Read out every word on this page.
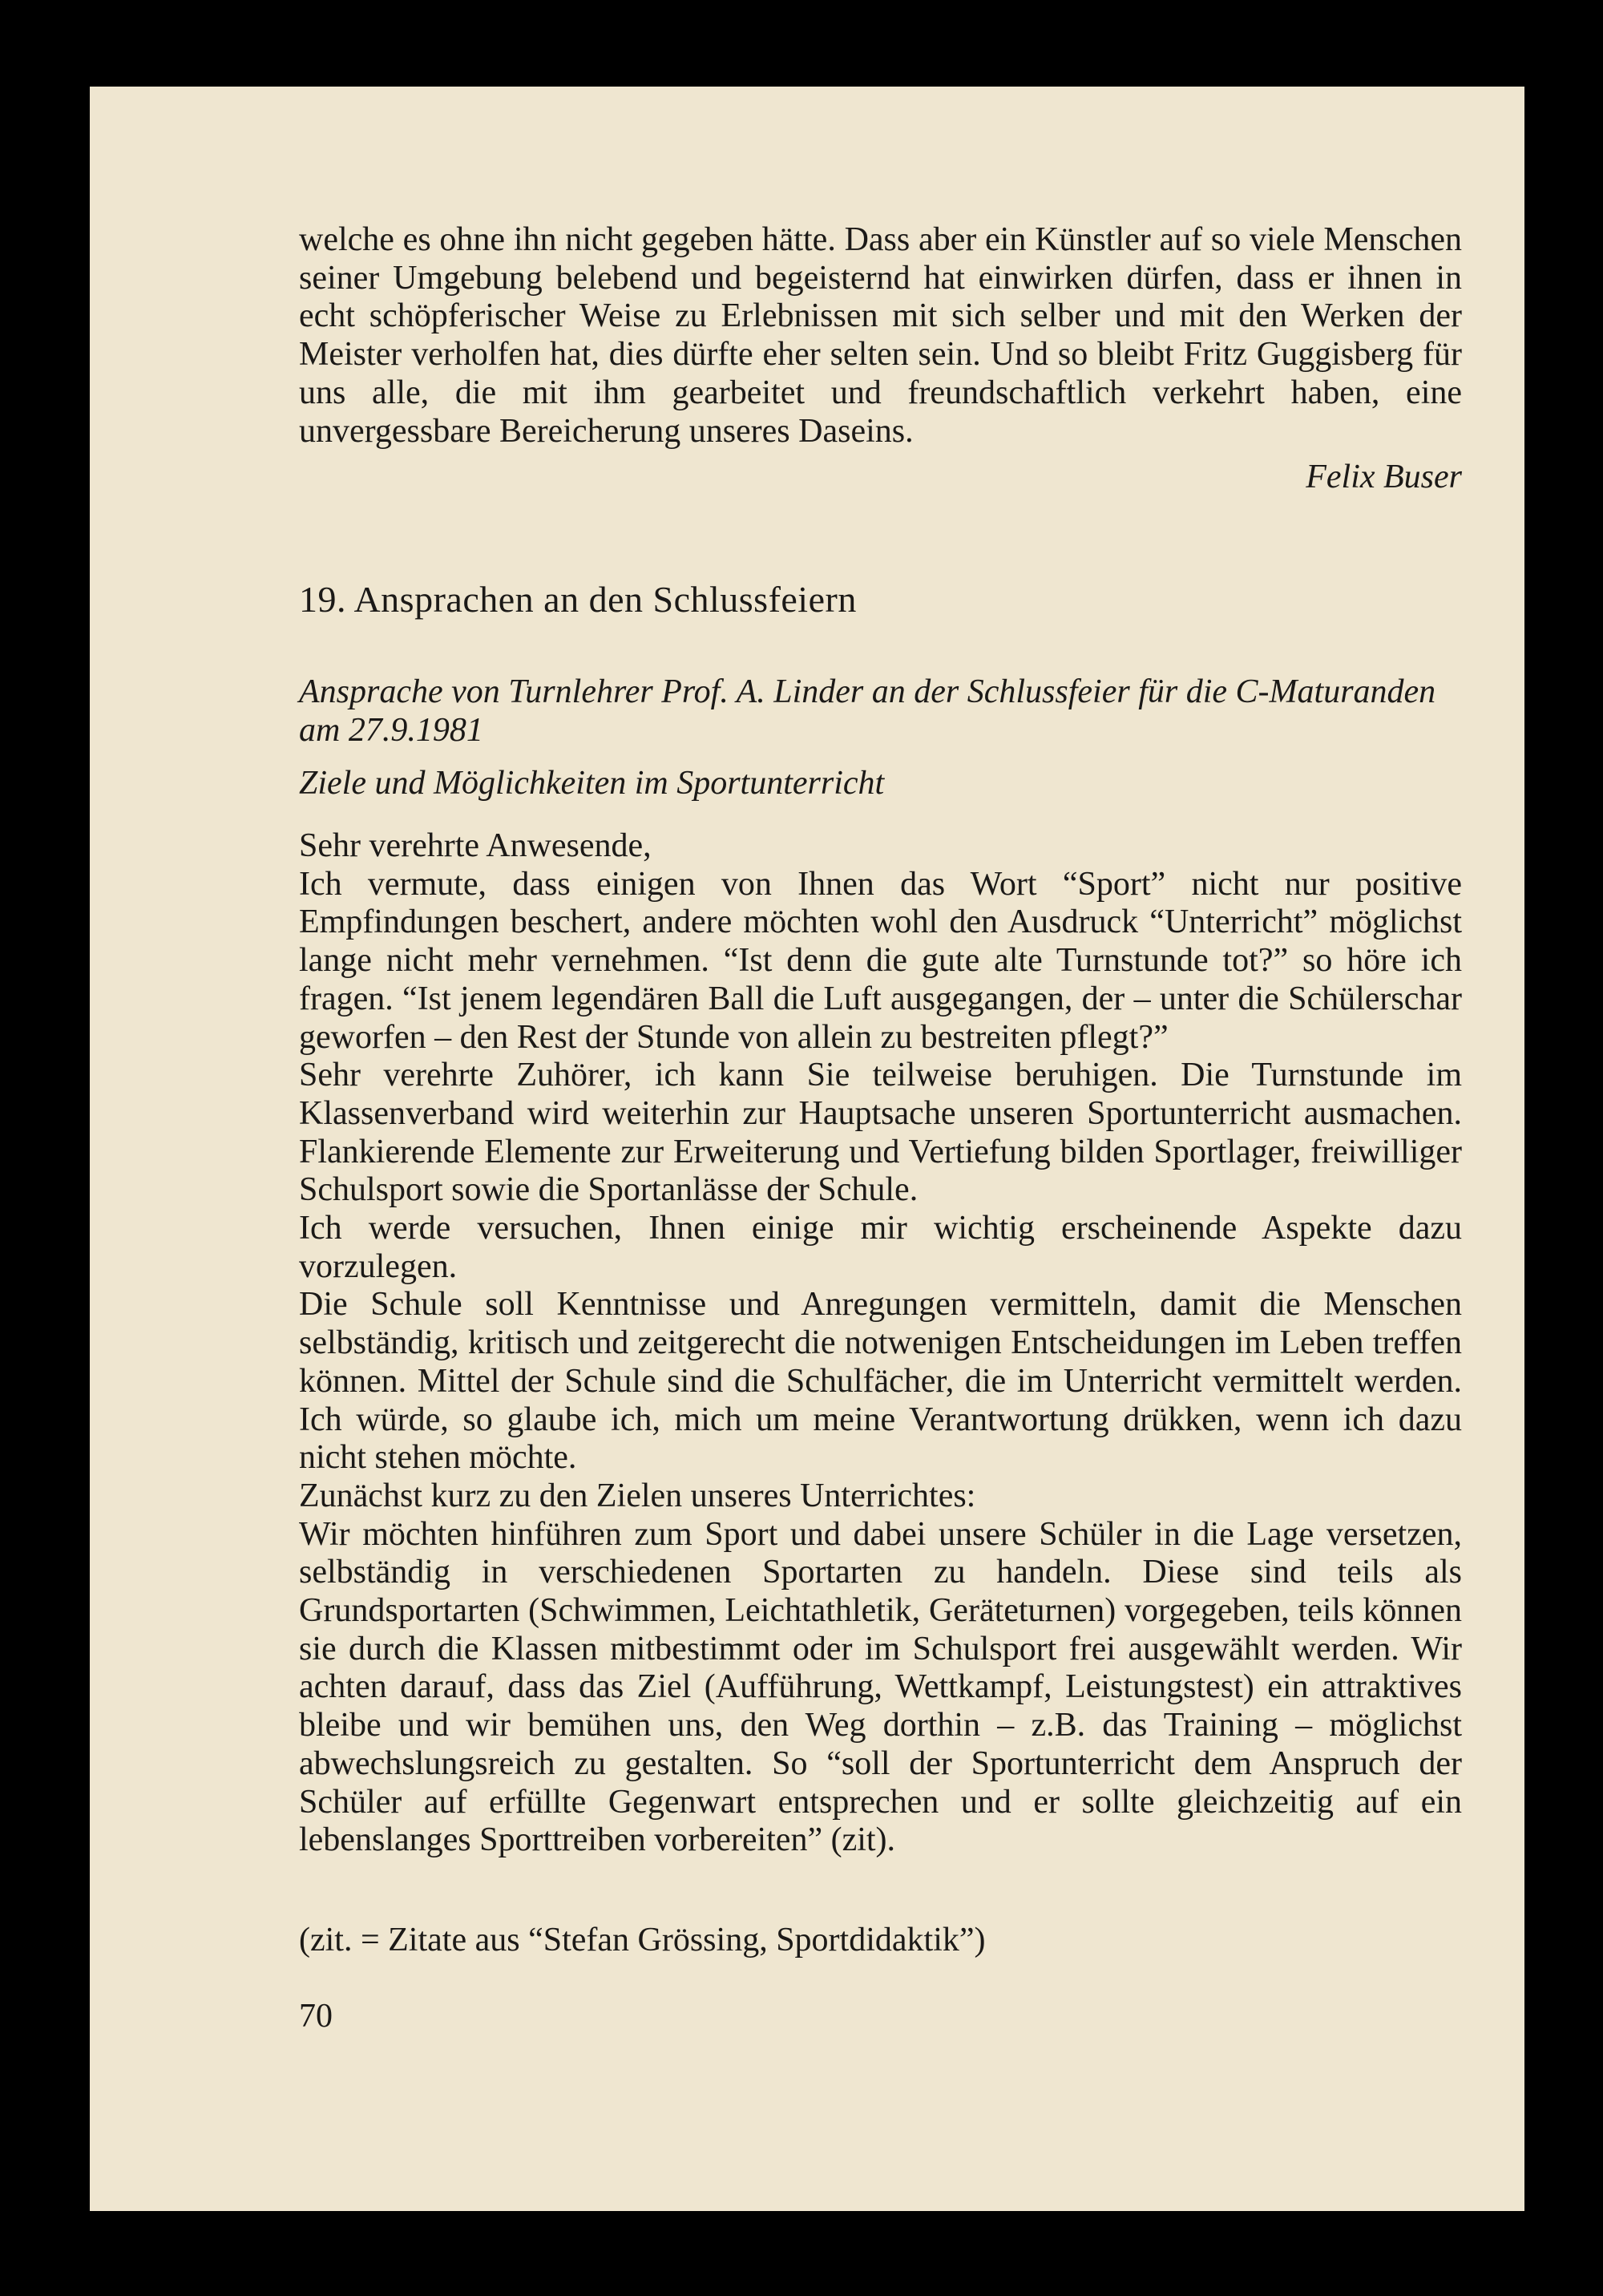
welche es ohne ihn nicht gegeben hätte. Dass aber ein Künstler auf so viele Menschen seiner Umgebung belebend und begeisternd hat einwirken dürfen, dass er ihnen in echt schöpferischer Weise zu Erlebnissen mit sich selber und mit den Werken der Meister verholfen hat, dies dürfte eher selten sein. Und so bleibt Fritz Guggisberg für uns alle, die mit ihm gearbeitet und freundschaftlich verkehrt haben, eine unvergessbare Bereicherung unseres Daseins.

Felix Buser

19. Ansprachen an den Schlussfeiern

Ansprache von Turnlehrer Prof. A. Linder an der Schlussfeier für die C-Maturanden am 27.9.1981

Ziele und Möglichkeiten im Sportunterricht

Sehr verehrte Anwesende,
Ich vermute, dass einigen von Ihnen das Wort “Sport” nicht nur positive Empfindungen beschert, andere möchten wohl den Ausdruck “Unterricht” möglichst lange nicht mehr vernehmen. “Ist denn die gute alte Turnstunde tot?” so höre ich fragen. “Ist jenem legendären Ball die Luft ausgegangen, der – unter die Schülerschar geworfen – den Rest der Stunde von allein zu bestreiten pflegt?”
Sehr verehrte Zuhörer, ich kann Sie teilweise beruhigen. Die Turnstunde im Klassenverband wird weiterhin zur Hauptsache unseren Sportunterricht ausmachen. Flankierende Elemente zur Erweiterung und Vertiefung bilden Sportlager, freiwilliger Schulsport sowie die Sportanlässe der Schule.
Ich werde versuchen, Ihnen einige mir wichtig erscheinende Aspekte dazu vorzulegen.
Die Schule soll Kenntnisse und Anregungen vermitteln, damit die Menschen selbständig, kritisch und zeitgerecht die notwenigen Entscheidungen im Leben treffen können. Mittel der Schule sind die Schulfächer, die im Unterricht vermittelt werden. Ich würde, so glaube ich, mich um meine Verantwortung drükken, wenn ich dazu nicht stehen möchte.
Zunächst kurz zu den Zielen unseres Unterrichtes:
Wir möchten hinführen zum Sport und dabei unsere Schüler in die Lage versetzen, selbständig in verschiedenen Sportarten zu handeln. Diese sind teils als Grundsportarten (Schwimmen, Leichtathletik, Geräteturnen) vorgegeben, teils können sie durch die Klassen mitbestimmt oder im Schulsport frei ausgewählt werden. Wir achten darauf, dass das Ziel (Aufführung, Wettkampf, Leistungstest) ein attraktives bleibe und wir bemühen uns, den Weg dorthin – z.B. das Training – möglichst abwechslungsreich zu gestalten. So “soll der Sportunterricht dem Anspruch der Schüler auf erfüllte Gegenwart entsprechen und er sollte gleichzeitig auf ein lebenslanges Sporttreiben vorbereiten” (zit).

(zit. = Zitate aus “Stefan Grössing, Sportdidaktik”)

70
